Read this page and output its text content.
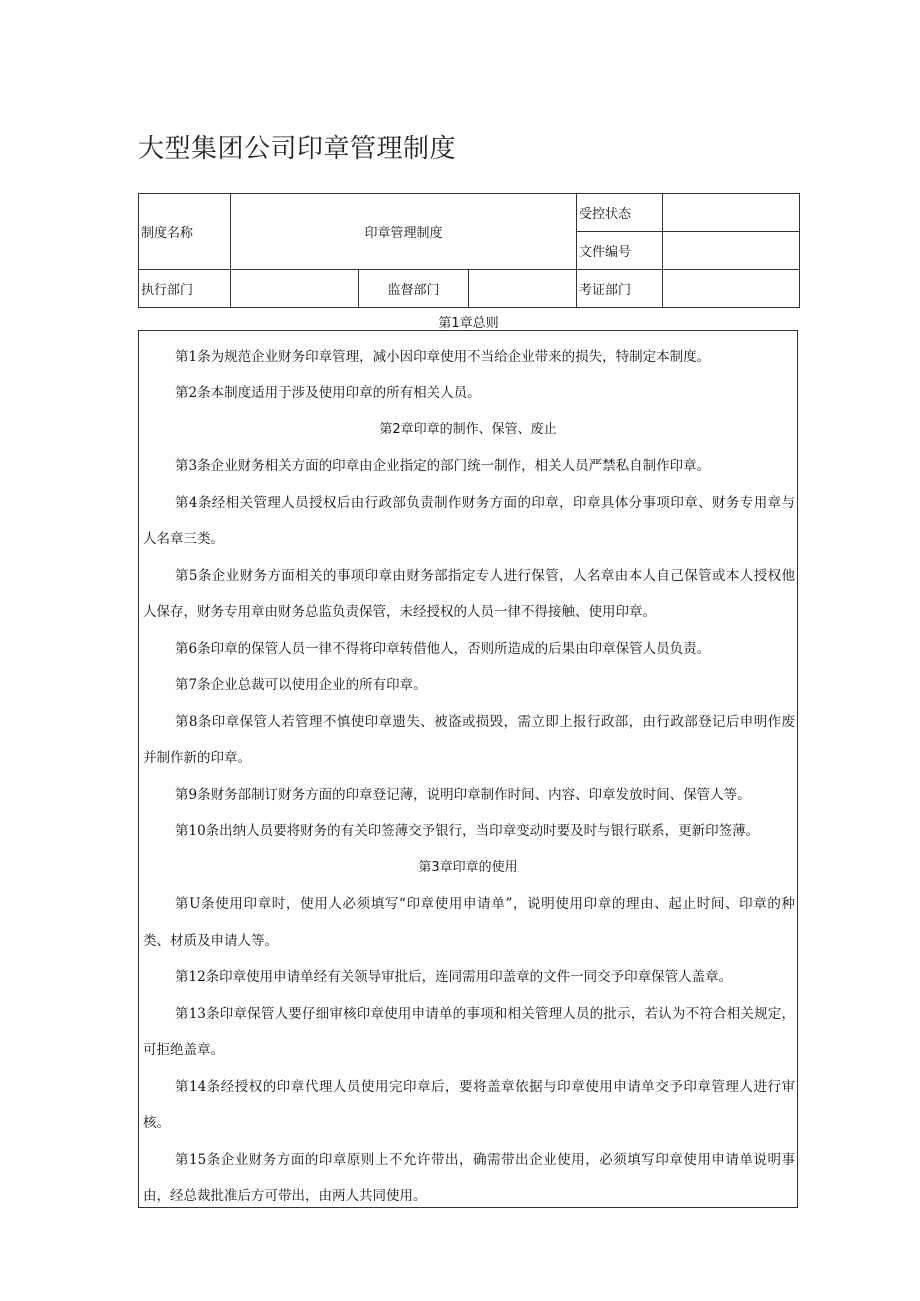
大型集团公司印章管理制度
制度名称	印章管理制度			受控状态	
				文件编号	
执行部门		监督部门		考证部门	
第1章总则
第1条为规范企业财务印章管理，减小因印章使用不当给企业带来的损失，特制定本制度。
第2条本制度适用于涉及使用印章的所有相关人员。
第2章印章的制作、保管、废止
第3条企业财务相关方面的印章由企业指定的部门统一制作，相关人员严禁私自制作印章。
第4条经相关管理人员授权后由行政部负责制作财务方面的印章，印章具体分事项印章、财务专用章与
人名章三类。
第5条企业财务方面相关的事项印章由财务部指定专人进行保管，人名章由本人自己保管或本人授权他
人保存，财务专用章由财务总监负责保管，未经授权的人员一律不得接触、使用印章。
第6条印章的保管人员一律不得将印章转借他人，否则所造成的后果由印章保管人员负责。
第7条企业总裁可以使用企业的所有印章。
第8条印章保管人若管理不慎使印章遗失、被盗或损毁，需立即上报行政部，由行政部登记后申明作废
并制作新的印章。
第9条财务部制订财务方面的印章登记薄，说明印章制作时间、内容、印章发放时间、保管人等。
第10条出纳人员要将财务的有关印签薄交予银行，当印章变动时要及时与银行联系，更新印签薄。
第3章印章的使用
第U条使用印章时，使用人必须填写“印章使用申请单”，说明使用印章的理由、起止时间、印章的种
类、材质及申请人等。
第12条印章使用申请单经有关领导审批后，连同需用印盖章的文件一同交予印章保管人盖章。
第13条印章保管人要仔细审核印章使用申请单的事项和相关管理人员的批示，若认为不符合相关规定，
可拒绝盖章。
第14条经授权的印章代理人员使用完印章后，要将盖章依据与印章使用申请单交予印章管理人进行审
核。
第15条企业财务方面的印章原则上不允许带出，确需带出企业使用，必须填写印章使用申请单说明事
由，经总裁批准后方可带出，由两人共同使用。
